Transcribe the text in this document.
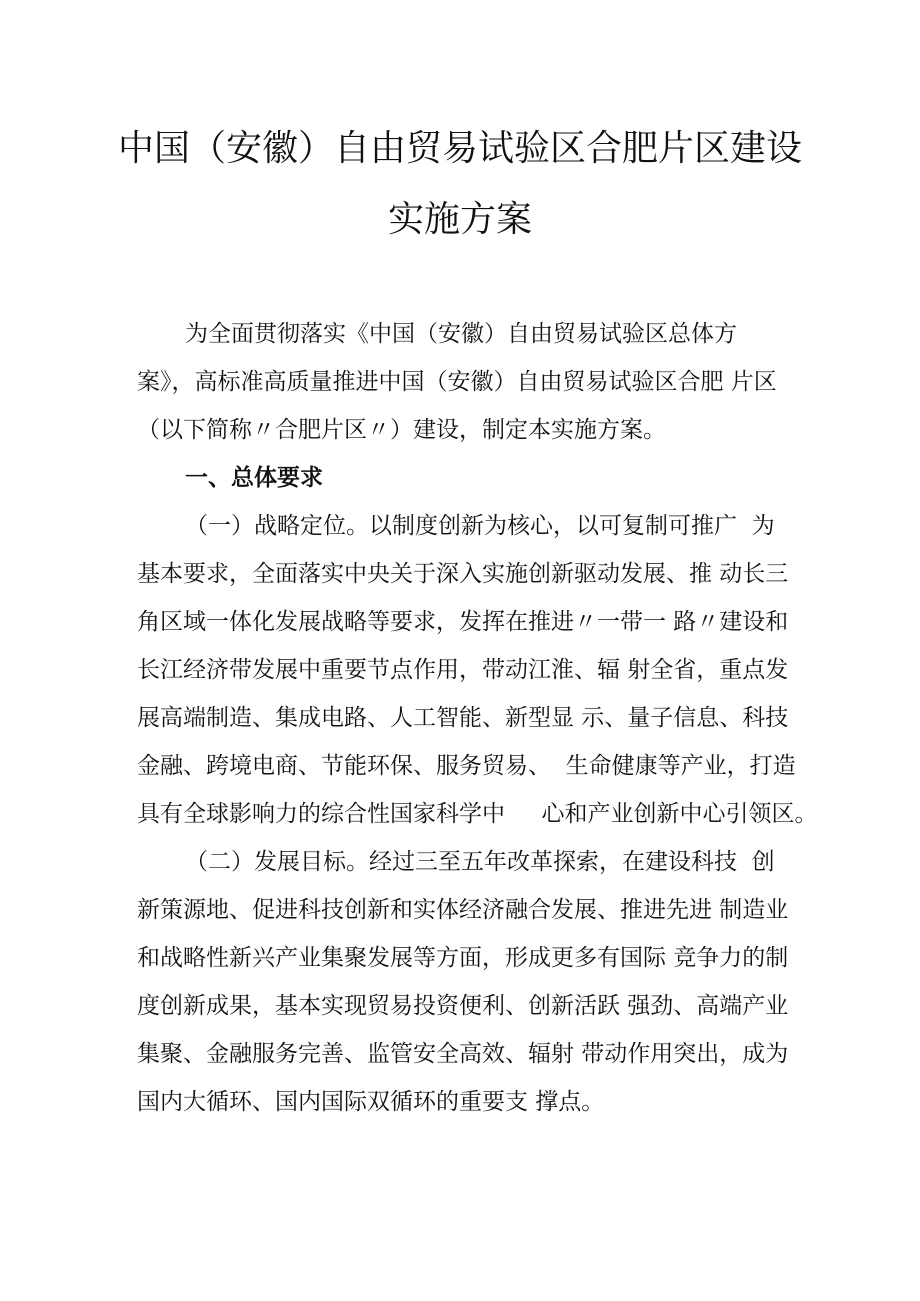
中国（安徽）自由贸易试验区合肥片区建设
实施方案
为全面贯彻落实《中国（安徽）自由贸易试验区总体方
案》，高标准高质量推进中国（安徽）自由贸易试验区合肥 片区
（以下简称〃合肥片区〃）建设，制定本实施方案。
一、总体要求
（一）战略定位。以制度创新为核心，以可复制可推广  为
基本要求，全面落实中央关于深入实施创新驱动发展、推 动长三
角区域一体化发展战略等要求，发挥在推进〃一带一 路〃建设和
长江经济带发展中重要节点作用，带动江淮、辐 射全省，重点发
展高端制造、集成电路、人工智能、新型显 示、量子信息、科技
金融、跨境电商、节能环保、服务贸易、  生命健康等产业，打造
具有全球影响力的综合性国家科学中     心和产业创新中心引领区。
（二）发展目标。经过三至五年改革探索，在建设科技  创
新策源地、促进科技创新和实体经济融合发展、推进先进 制造业
和战略性新兴产业集聚发展等方面，形成更多有国际 竞争力的制
度创新成果，基本实现贸易投资便利、创新活跃 强劲、高端产业
集聚、金融服务完善、监管安全高效、辐射 带动作用突出，成为
国内大循环、国内国际双循环的重要支 撑点。
